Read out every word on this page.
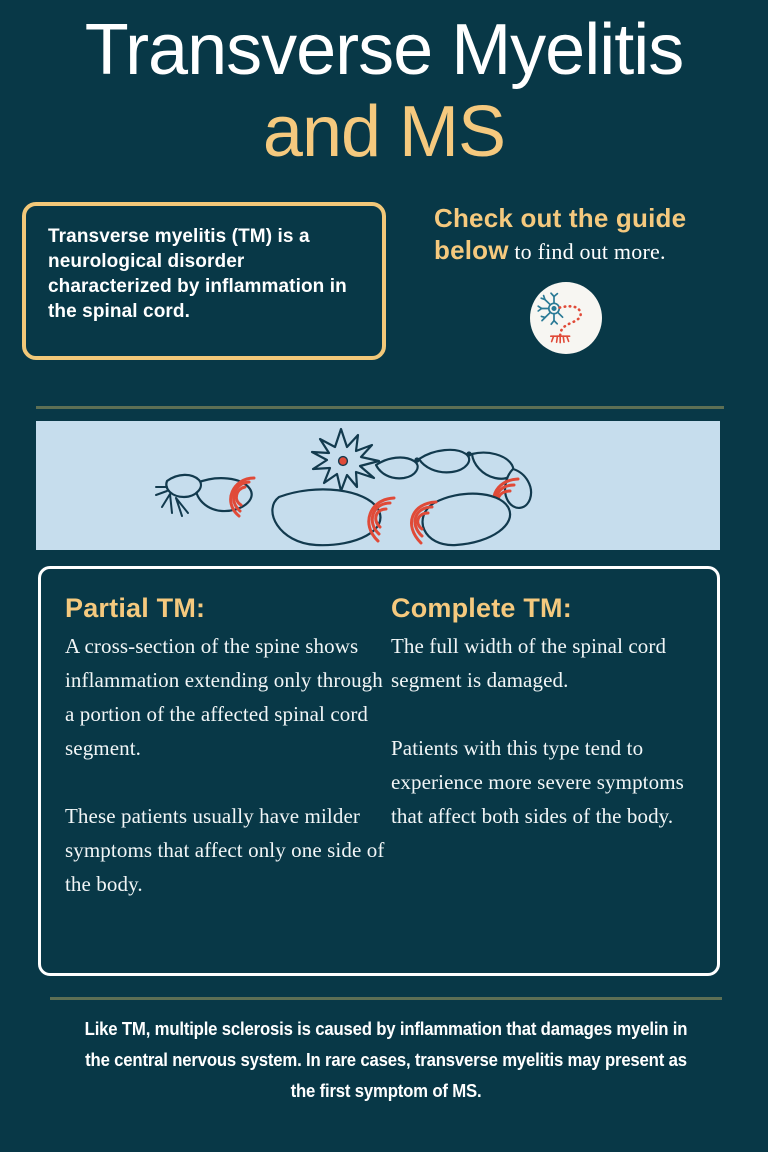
Transverse Myelitis
and MS
Transverse myelitis (TM) is a neurological disorder characterized by inflammation in the spinal cord.
Check out the guide below to find out more.
Partial TM:
A cross-section of the spine shows inflammation extending only through a portion of the affected spinal cord segment.
These patients usually have milder symptoms that affect only one side of the body.
Complete TM:
The full width of the spinal cord segment is damaged.
Patients with this type tend to experience more severe symptoms that affect both sides of the body.
Like TM, multiple sclerosis is caused by inflammation that damages myelin in the central nervous system. In rare cases, transverse myelitis may present as the first symptom of MS.
